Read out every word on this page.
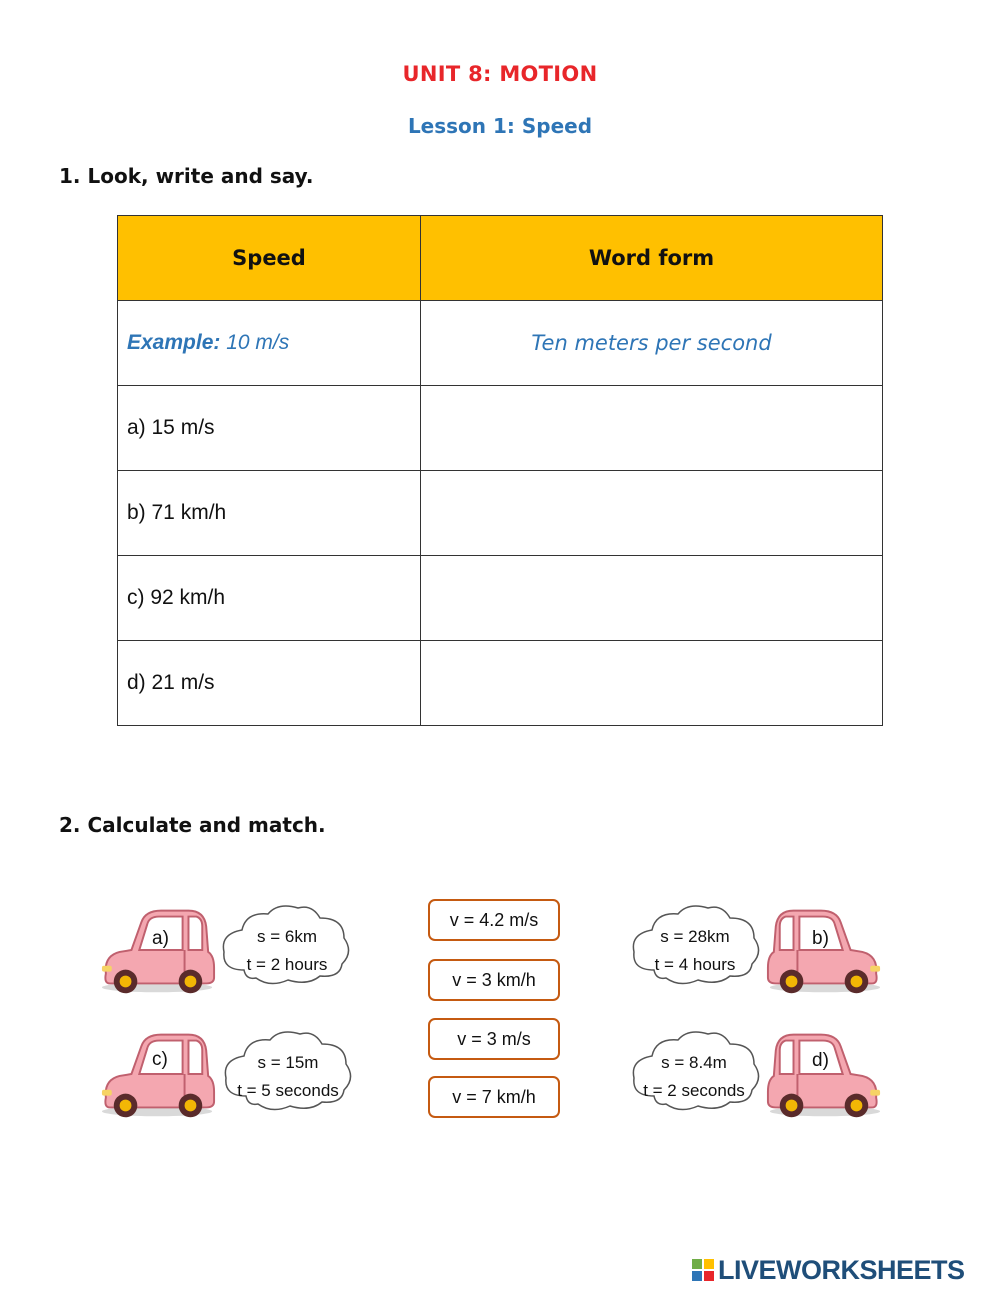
UNIT 8: MOTION
Lesson 1: Speed
1. Look, write and say.
Speed	Word form
Example: 10 m/s	Ten meters per second
a) 15 m/s	
b) 71 km/h	
c) 92 km/h	
d) 21 m/s	
2. Calculate and match.
a)	s = 6km
t = 2 hours
c)	s = 15m
t = 5 seconds
b)
s = 28km
t = 4 hours
d)
s = 8.4m
t = 2 seconds
v = 4.2 m/s
v = 3 km/h
v = 3 m/s
v = 7 km/h
LIVEWORKSHEETS
